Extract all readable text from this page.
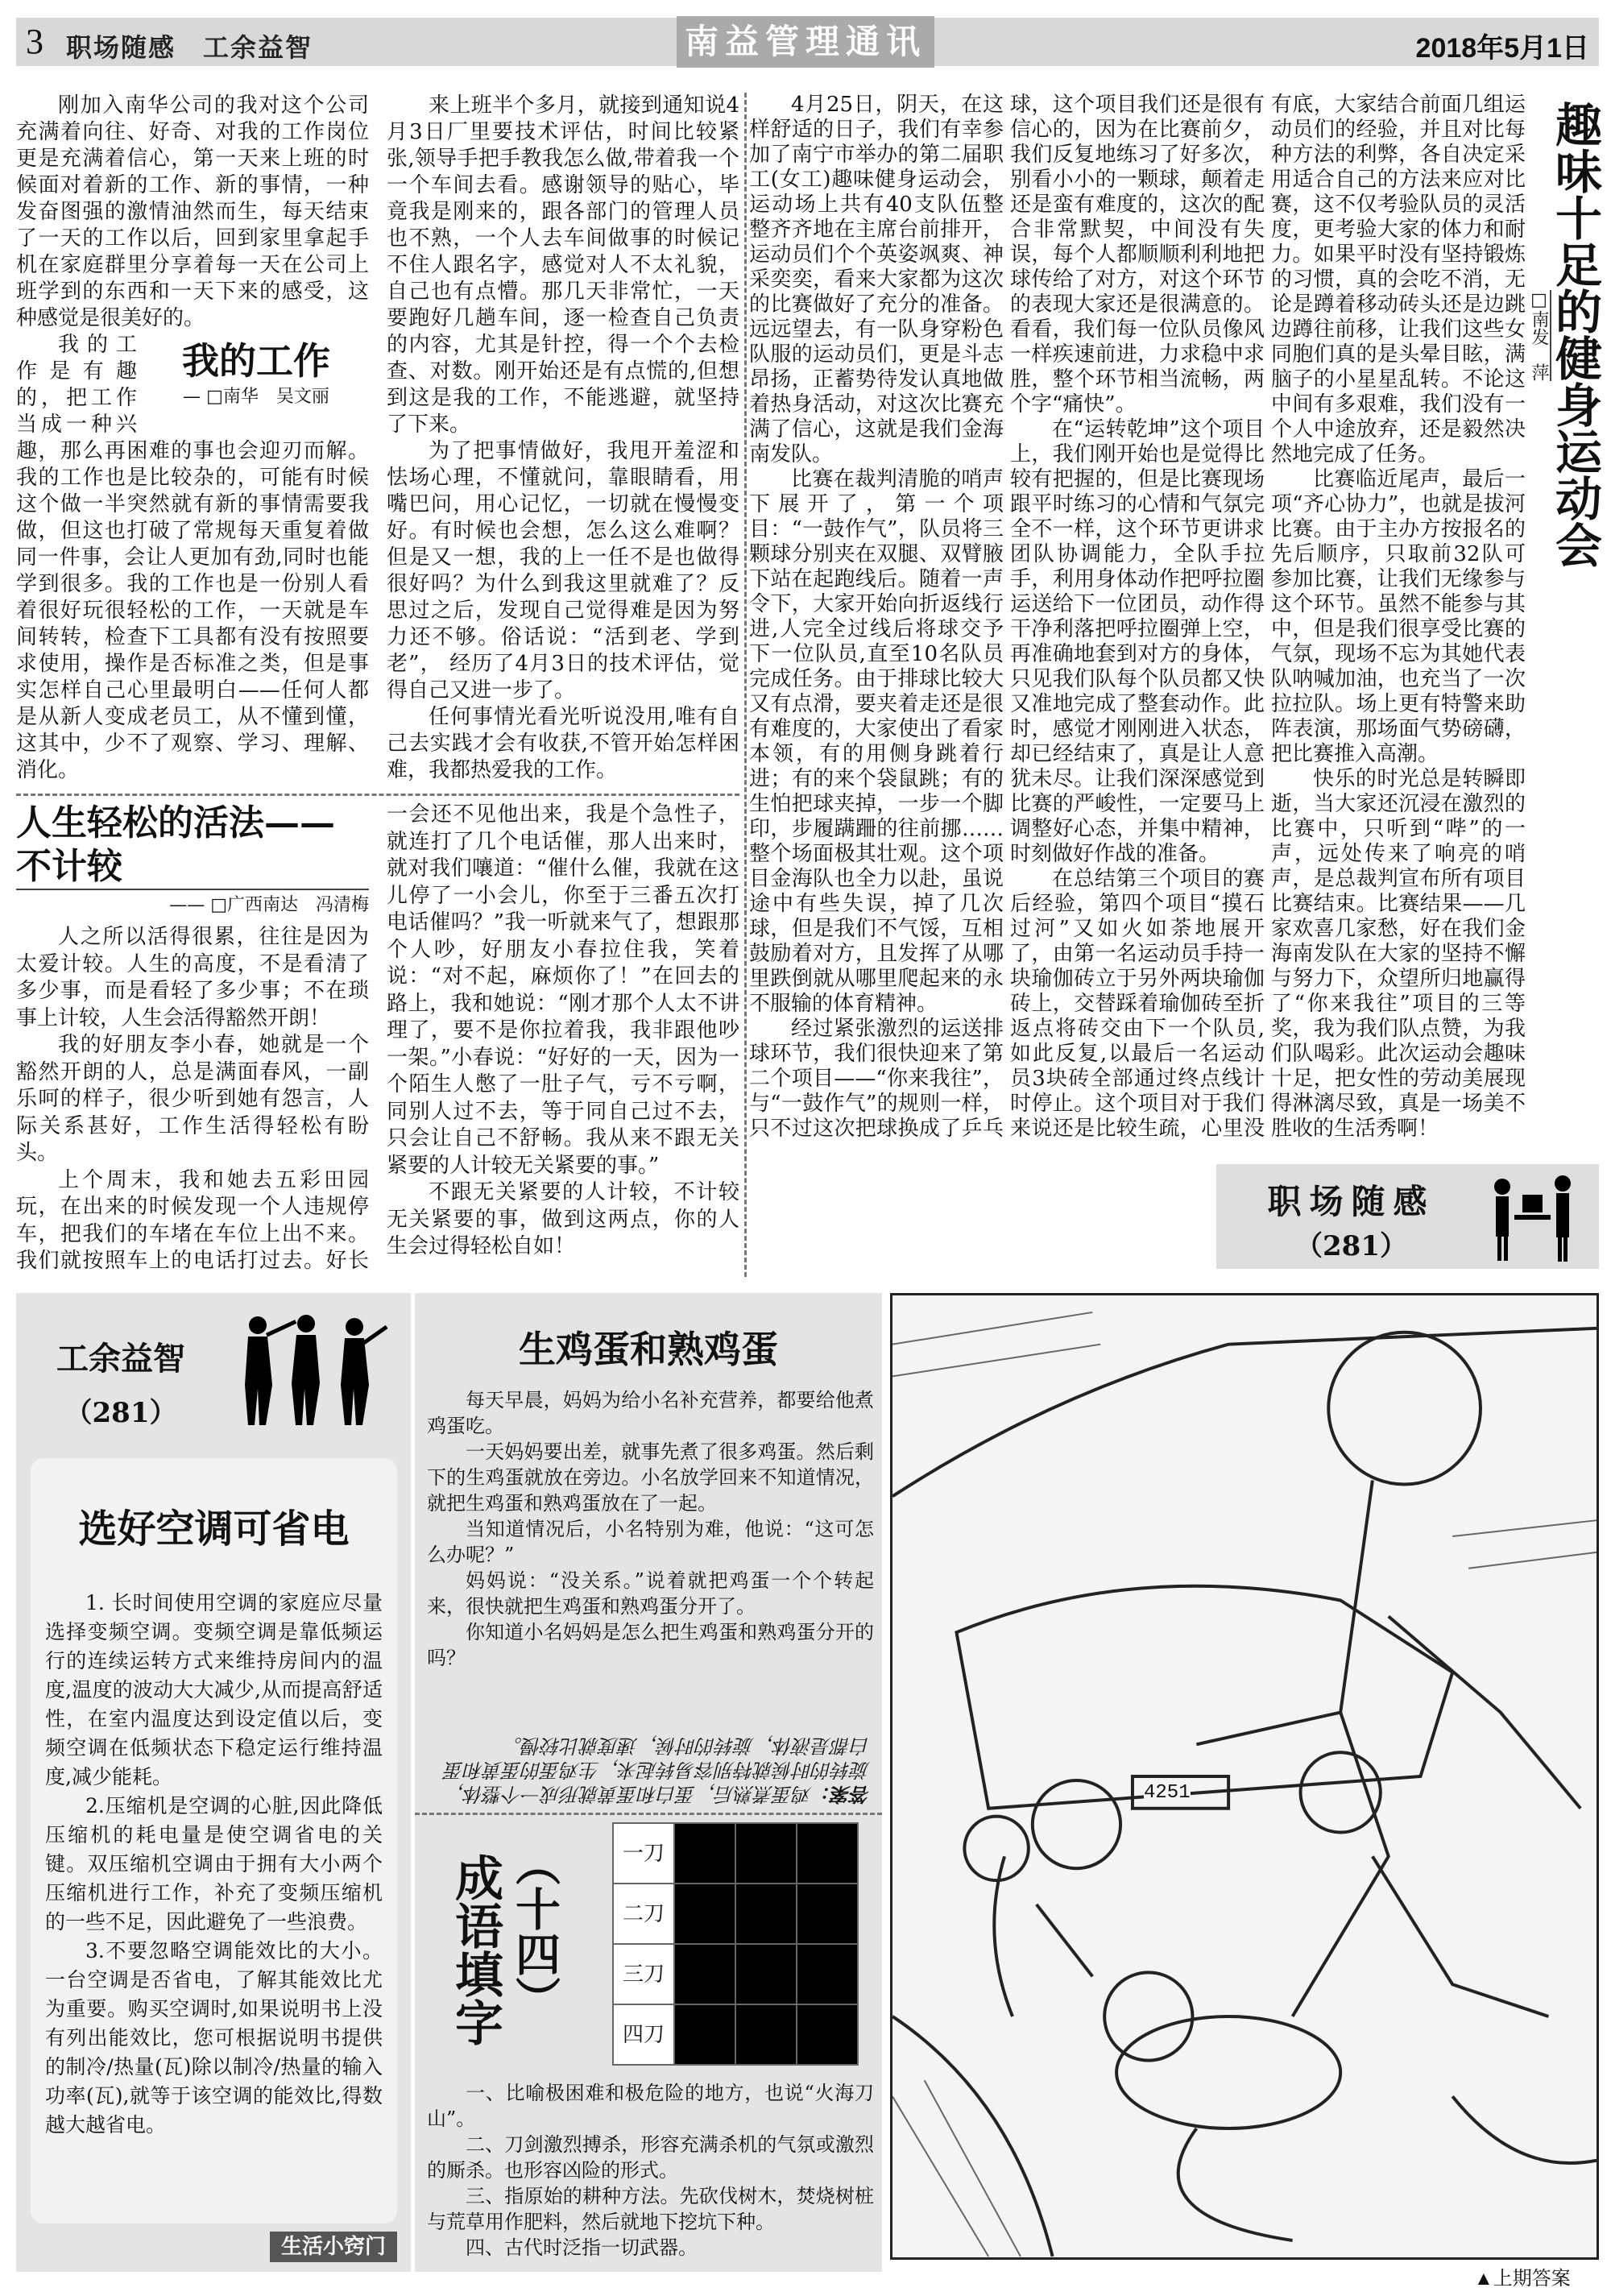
3 职场随感　工余益智	南益管理通讯	2018年5月1日

刚加入南华公司的我对这个公司充满着向往、好奇、对我的工作岗位更是充满着信心，第一天来上班的时候面对着新的工作、新的事情，一种发奋图强的激情油然而生，每天结束了一天的工作以后，回到家里拿起手机在家庭群里分享着每一天在公司上班学到的东西和一天下来的感受，这种感觉是很美好的。

我的工作
— □南华　吴文丽

我的工作是有趣的，把工作当成一种兴趣，那么再困难的事也会迎刃而解。我的工作也是比较杂的，可能有时候这个做一半突然就有新的事情需要我做，但这也打破了常规每天重复着做同一件事，会让人更加有劲,同时也能学到很多。我的工作也是一份别人看着很好玩很轻松的工作，一天就是车间转转，检查下工具都有没有按照要求使用，操作是否标准之类，但是事实怎样自己心里最明白——任何人都是从新人变成老员工，从不懂到懂，这其中，少不了观察、学习、理解、消化。

来上班半个多月，就接到通知说4月3日厂里要技术评估，时间比较紧张,领导手把手教我怎么做,带着我一个一个车间去看。感谢领导的贴心，毕竟我是刚来的，跟各部门的管理人员也不熟，一个人去车间做事的时候记不住人跟名字，感觉对人不太礼貌，自己也有点懵。那几天非常忙，一天要跑好几趟车间，逐一检查自己负责的内容，尤其是针控，得一个个去检查、对数。刚开始还是有点慌的,但想到这是我的工作，不能逃避，就坚持了下来。

为了把事情做好，我甩开羞涩和怯场心理，不懂就问，靠眼睛看，用嘴巴问，用心记忆，一切就在慢慢变好。有时候也会想，怎么这么难啊？但是又一想，我的上一任不是也做得很好吗？为什么到我这里就难了？反思过之后，发现自己觉得难是因为努力还不够。俗话说：“活到老、学到老”， 经历了4月3日的技术评估，觉得自己又进一步了。

任何事情光看光听说没用,唯有自己去实践才会有收获,不管开始怎样困难，我都热爱我的工作。

人生轻松的活法——不计较
—— □广西南达　冯清梅

人之所以活得很累，往往是因为太爱计较。人生的高度，不是看清了多少事，而是看轻了多少事；不在琐事上计较，人生会活得豁然开朗！

我的好朋友李小春，她就是一个豁然开朗的人，总是满面春风，一副乐呵的样子，很少听到她有怨言，人际关系甚好，工作生活得轻松有盼头。

上个周末，我和她去五彩田园玩，在出来的时候发现一个人违规停车，把我们的车堵在车位上出不来。我们就按照车上的电话打过去。好长一会还不见他出来，我是个急性子，就连打了几个电话催，那人出来时，就对我们嚷道：“催什么催，我就在这儿停了一小会儿，你至于三番五次打电话催吗？”我一听就来气了，想跟那个人吵，好朋友小春拉住我，笑着说：“对不起，麻烦你了！”在回去的路上，我和她说：“刚才那个人太不讲理了，要不是你拉着我，我非跟他吵一架。”小春说：“好好的一天，因为一个陌生人憋了一肚子气，亏不亏啊，同别人过不去，等于同自己过不去，只会让自己不舒畅。我从来不跟无关紧要的人计较无关紧要的事。”

不跟无关紧要的人计较，不计较无关紧要的事，做到这两点，你的人生会过得轻松自如！

4月25日，阴天，在这样舒适的日子，我们有幸参加了南宁市举办的第二届职工(女工)趣味健身运动会，运动场上共有40支队伍整整齐齐地在主席台前排开，运动员们个个英姿飒爽、神采奕奕，看来大家都为这次的比赛做好了充分的准备。远远望去，有一队身穿粉色队服的运动员们，更是斗志昂扬，正蓄势待发认真地做着热身活动，对这次比赛充满了信心，这就是我们金海南发队。

比赛在裁判清脆的哨声下展开了，第一个项目：“一鼓作气”，队员将三颗球分别夹在双腿、双臂腋下站在起跑线后。随着一声令下，大家开始向折返线行进,人完全过线后将球交予下一位队员,直至10名队员完成任务。由于排球比较大又有点滑，要夹着走还是很有难度的，大家使出了看家本领，有的用侧身跳着行进；有的来个袋鼠跳；有的生怕把球夹掉，一步一个脚印，步履蹒跚的往前挪……整个场面极其壮观。这个项目金海队也全力以赴，虽说途中有些失误，掉了几次球，但是我们不气馁，互相鼓励着对方，且发挥了从哪里跌倒就从哪里爬起来的永不服输的体育精神。

经过紧张激烈的运送排球环节，我们很快迎来了第二个项目——“你来我往”，与“一鼓作气”的规则一样，只不过这次把球换成了乒乓球，这个项目我们还是很有信心的，因为在比赛前夕，我们反复地练习了好多次，别看小小的一颗球，颠着走还是蛮有难度的，这次的配合非常默契，中间没有失误，每个人都顺顺利利地把球传给了对方，对这个环节的表现大家还是很满意的。看看，我们每一位队员像风一样疾速前进，力求稳中求胜，整个环节相当流畅，两个字“痛快”。

在“运转乾坤”这个项目上，我们刚开始也是觉得比较有把握的，但是比赛现场跟平时练习的心情和气氛完全不一样，这个环节更讲求团队协调能力，全队手拉手，利用身体动作把呼拉圈运送给下一位团员，动作得干净利落把呼拉圈弹上空，再准确地套到对方的身体，只见我们队每个队员都又快又准地完成了整套动作。此时，感觉才刚刚进入状态，却已经结束了，真是让人意犹未尽。让我们深深感觉到比赛的严峻性，一定要马上调整好心态，并集中精神，时刻做好作战的准备。

在总结第三个项目的赛后经验，第四个项目“摸石过河”又如火如荼地展开了，由第一名运动员手持一块瑜伽砖立于另外两块瑜伽砖上，交替踩着瑜伽砖至折返点将砖交由下一个队员,如此反复,以最后一名运动员3块砖全部通过终点线计时停止。这个项目对于我们来说还是比较生疏，心里没有底，大家结合前面几组运动员们的经验，并且对比每种方法的利弊，各自决定采用适合自己的方法来应对比赛，这不仅考验队员的灵活度，更考验大家的体力和耐力。如果平时没有坚持锻炼的习惯，真的会吃不消，无论是蹲着移动砖头还是边跳边蹲往前移，让我们这些女同胞们真的是头晕目眩，满脑子的小星星乱转。不论这中间有多艰难，我们没有一个人中途放弃，还是毅然决然地完成了任务。

比赛临近尾声，最后一项“齐心协力”，也就是拔河比赛。由于主办方按报名的先后顺序，只取前32队可参加比赛，让我们无缘参与这个环节。虽然不能参与其中，但是我们很享受比赛的气氛，现场不忘为其她代表队呐喊加油，也充当了一次拉拉队。场上更有特警来助阵表演，那场面气势磅礴，把比赛推入高潮。

快乐的时光总是转瞬即逝，当大家还沉浸在激烈的比赛中，只听到“哔”的一声，远处传来了响亮的哨声，是总裁判宣布所有项目比赛结束。比赛结果——几家欢喜几家愁，好在我们金海南发队在大家的坚持不懈与努力下，众望所归地赢得了“你来我往”项目的三等奖，我为我们队点赞，为我们队喝彩。此次运动会趣味十足，把女性的劳动美展现得淋漓尽致，真是一场美不胜收的生活秀啊！

趣味十足的健身运动会
□南发　萍
职场随感
（281）
工余益智
（281）
选好空调可省电

1. 长时间使用空调的家庭应尽量选择变频空调。变频空调是靠低频运行的连续运转方式来维持房间内的温度,温度的波动大大减少,从而提高舒适性，在室内温度达到设定值以后，变频空调在低频状态下稳定运行维持温度,减少能耗。

2.压缩机是空调的心脏,因此降低压缩机的耗电量是使空调省电的关键。双压缩机空调由于拥有大小两个压缩机进行工作，补充了变频压缩机的一些不足，因此避免了一些浪费。

3.不要忽略空调能效比的大小。一台空调是否省电，了解其能效比尤为重要。购买空调时,如果说明书上没有列出能效比，您可根据说明书提供的制冷/热量(瓦)除以制冷/热量的输入功率(瓦),就等于该空调的能效比,得数越大越省电。

生活小窍门
生鸡蛋和熟鸡蛋

每天早晨，妈妈为给小名补充营养，都要给他煮鸡蛋吃。

一天妈妈要出差，就事先煮了很多鸡蛋。然后剩下的生鸡蛋就放在旁边。小名放学回来不知道情况，就把生鸡蛋和熟鸡蛋放在了一起。

当知道情况后，小名特别为难，他说：“这可怎么办呢？”

妈妈说：“没关系。”说着就把鸡蛋一个个转起来，很快就把生鸡蛋和熟鸡蛋分开了。

你知道小名妈妈是怎么把生鸡蛋和熟鸡蛋分开的吗？

答案：鸡蛋煮熟后，蛋白和蛋黄就形成一个整体，旋转的时候就特别容易转起来，生鸡蛋的蛋黄和蛋白都是液体，旋转的时候，速度就比较慢。
成语填字 （十四）	一刀			
二刀			
三刀			
四刀			

一、比喻极困难和极危险的地方，也说“火海刀山”。

二、刀剑激烈搏杀，形容充满杀机的气氛或激烈的厮杀。也形容凶险的形式。

三、指原始的耕种方法。先砍伐树木，焚烧树桩与荒草用作肥料，然后就地下挖坑下种。

四、古代时泛指一切武器。

4251
▲上期答案
